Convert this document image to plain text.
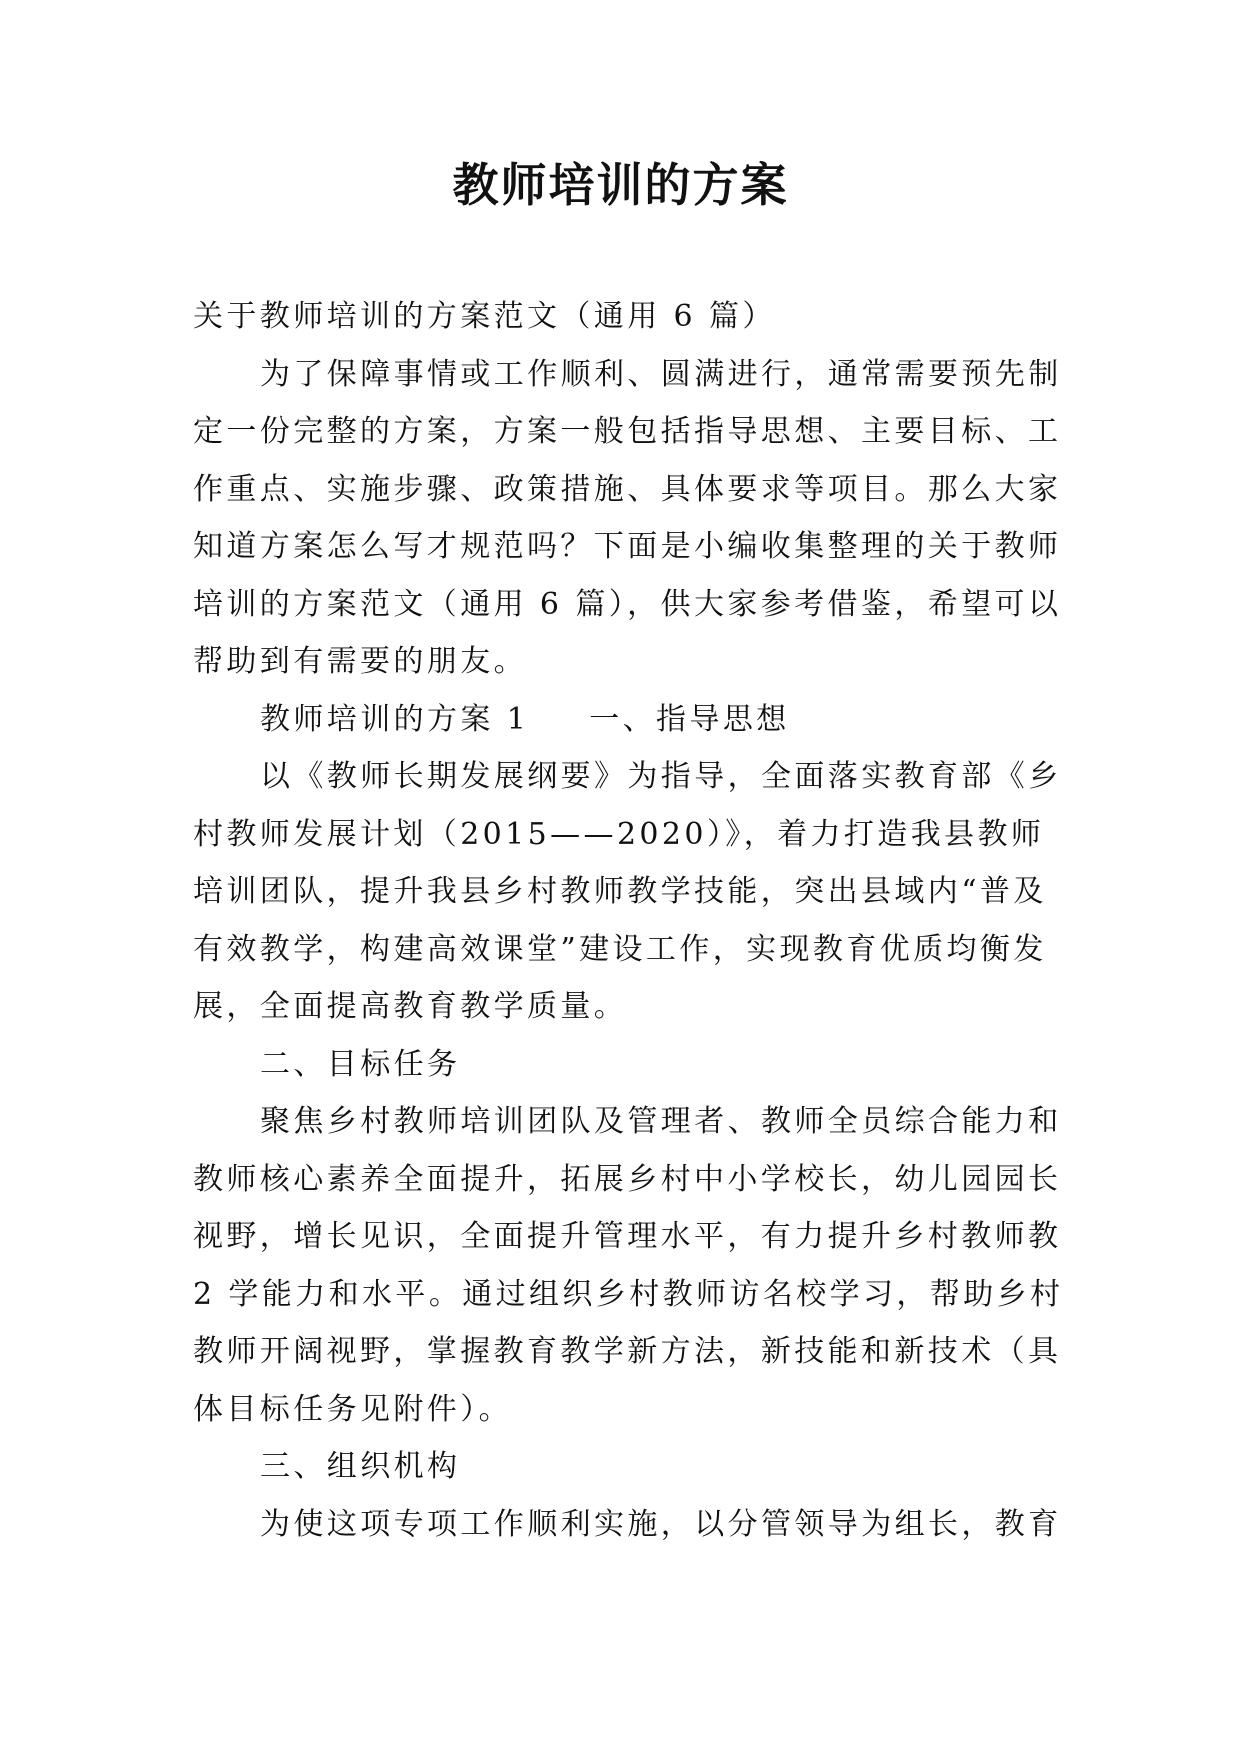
教师培训的方案

关于教师培训的方案范文（通用 6 篇）

为了保障事情或工作顺利、圆满进行，通常需要预先制定一份完整的方案，方案一般包括指导思想、主要目标、工作重点、实施步骤、政策措施、具体要求等项目。那么大家知道方案怎么写才规范吗？下面是小编收集整理的关于教师培训的方案范文（通用 6 篇），供大家参考借鉴，希望可以帮助到有需要的朋友。

教师培训的方案 1 一、指导思想

以《教师长期发展纲要》为指导，全面落实教育部《乡村教师发展计划（2015——2020）》，着力打造我县教师培训团队，提升我县乡村教师教学技能，突出县域内“普及有效教学，构建高效课堂”建设工作，实现教育优质均衡发展，全面提高教育教学质量。

二、目标任务

聚焦乡村教师培训团队及管理者、教师全员综合能力和教师核心素养全面提升，拓展乡村中小学校长，幼儿园园长视野，增长见识，全面提升管理水平，有力提升乡村教师教 2 学能力和水平。通过组织乡村教师访名校学习，帮助乡村教师开阔视野，掌握教育教学新方法，新技能和新技术（具体目标任务见附件）。

三、组织机构

为使这项专项工作顺利实施，以分管领导为组长，教育
